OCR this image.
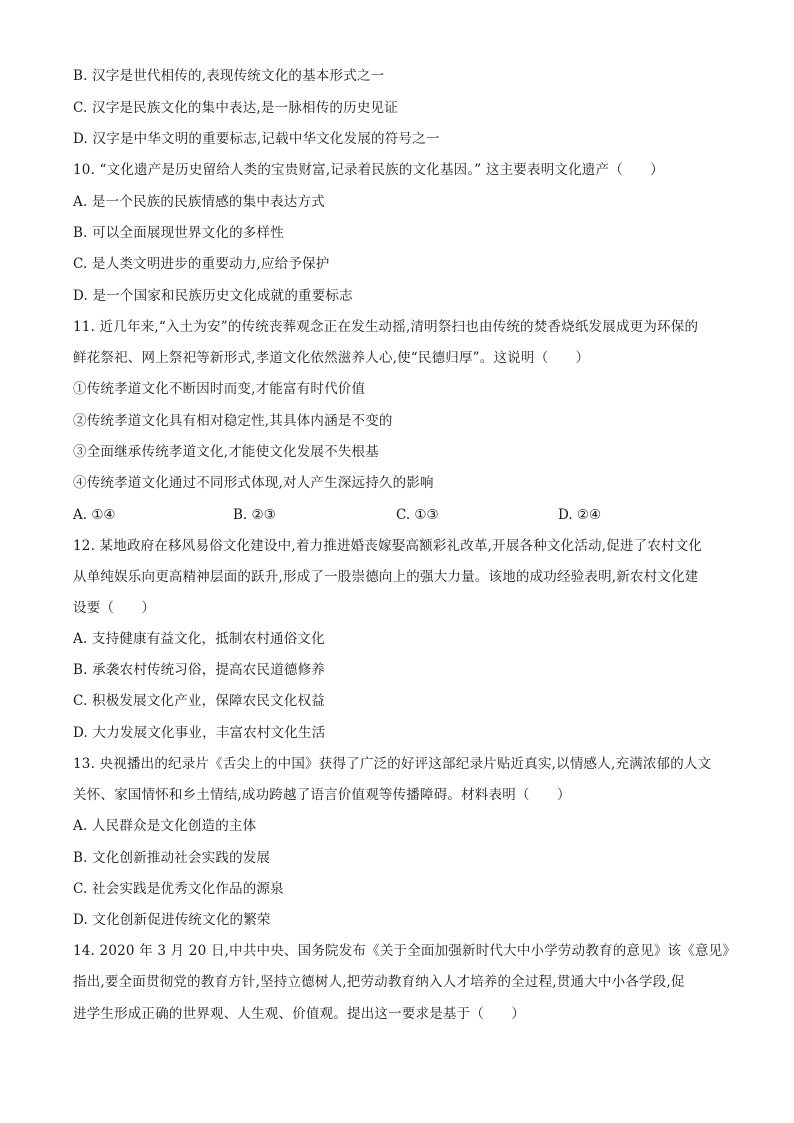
B. 汉字是世代相传的,表现传统文化的基本形式之一
C. 汉字是民族文化的集中表达,是一脉相传的历史见证
D. 汉字是中华文明的重要标志,记载中华文化发展的符号之一
10. “文化遗产是历史留给人类的宝贵财富,记录着民族的文化基因。” 这主要表明文化遗产（　　）
A. 是一个民族的民族情感的集中表达方式
B. 可以全面展现世界文化的多样性
C. 是人类文明进步的重要动力,应给予保护
D. 是一个国家和民族历史文化成就的重要标志
11. 近几年来,“入土为安”的传统丧葬观念正在发生动摇,清明祭扫也由传统的焚香烧纸发展成更为环保的
鲜花祭祀、网上祭祀等新形式,孝道文化依然滋养人心,使“民德归厚”。这说明（　　）
①传统孝道文化不断因时而变,才能富有时代价值
②传统孝道文化具有相对稳定性,其具体内涵是不变的
③全面继承传统孝道文化,才能使文化发展不失根基
④传统孝道文化通过不同形式体现,对人产生深远持久的影响
A. ①④	B. ②③	C. ①③	D. ②④
12. 某地政府在移风易俗文化建设中,着力推进婚丧嫁娶高额彩礼改革,开展各种文化活动,促进了农村文化
从单纯娱乐向更高精神层面的跃升,形成了一股崇德向上的强大力量。该地的成功经验表明,新农村文化建
设要（　　）
A. 支持健康有益文化，抵制农村通俗文化
B. 承袭农村传统习俗，提高农民道德修养
C. 积极发展文化产业，保障农民文化权益
D. 大力发展文化事业，丰富农村文化生活
13. 央视播出的纪录片《舌尖上的中国》获得了广泛的好评这部纪录片贴近真实,以情感人,充满浓郁的人文
关怀、家国情怀和乡土情结,成功跨越了语言价值观等传播障碍。材料表明（　　）
A. 人民群众是文化创造的主体
B. 文化创新推动社会实践的发展
C. 社会实践是优秀文化作品的源泉
D. 文化创新促进传统文化的繁荣
14. 2020 年 3 月 20 日,中共中央、国务院发布《关于全面加强新时代大中小学劳动教育的意见》该《意见》
指出,要全面贯彻党的教育方针,坚持立德树人,把劳动教育纳入人才培养的全过程,贯通大中小各学段,促
进学生形成正确的世界观、人生观、价值观。提出这一要求是基于（　　）
